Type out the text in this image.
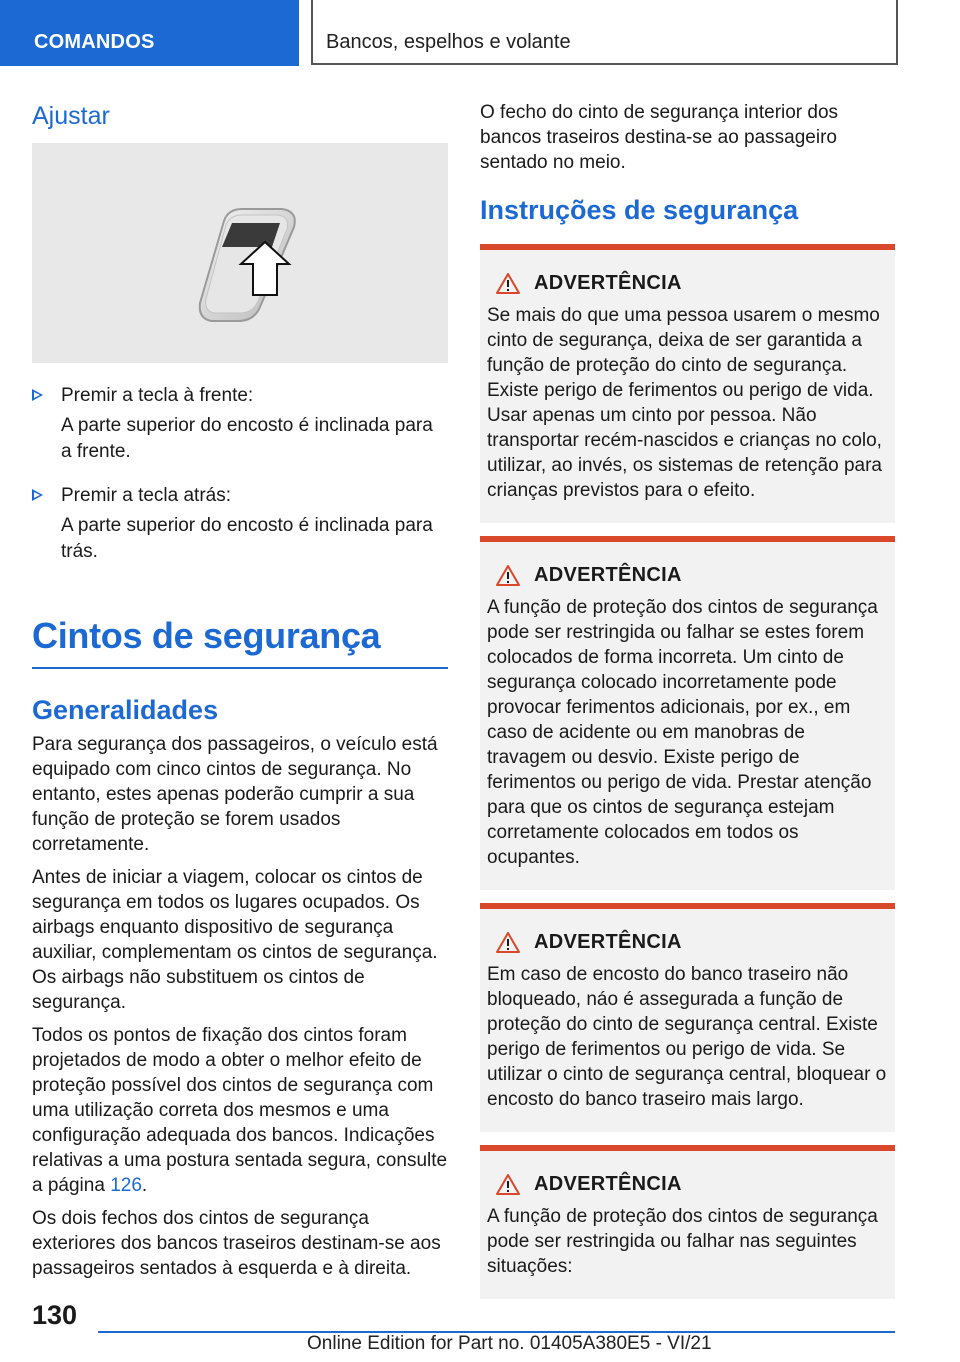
COMANDOS	Bancos, espelhos e volante
Ajustar

Premir a tecla à frente:

A parte superior do encosto é inclinada para a frente.

Premir a tecla atrás:

A parte superior do encosto é inclinada para trás.

Cintos de segurança
Generalidades

Para segurança dos passageiros, o veículo está equipado com cinco cintos de segurança. No entanto, estes apenas poderão cumprir a sua função de proteção se forem usados corretamente.

Antes de iniciar a viagem, colocar os cintos de segurança em todos os lugares ocupados. Os airbags enquanto dispositivo de segurança auxiliar, complementam os cintos de segurança. Os airbags não substituem os cintos de segurança.

Todos os pontos de fixação dos cintos foram projetados de modo a obter o melhor efeito de proteção possível dos cintos de segurança com uma utilização correta dos mesmos e uma configuração adequada dos bancos. Indicações relativas a uma postura sentada segura, consulte a página 126.

Os dois fechos dos cintos de segurança exteriores dos bancos traseiros destinam-se aos passageiros sentados à esquerda e à direita.

O fecho do cinto de segurança interior dos bancos traseiros destina-se ao passageiro sentado no meio.

Instruções de segurança
ADVERTÊNCIA

Se mais do que uma pessoa usarem o mesmo cinto de segurança, deixa de ser garantida a função de proteção do cinto de segurança. Existe perigo de ferimentos ou perigo de vida. Usar apenas um cinto por pessoa. Não transportar recém-nascidos e crianças no colo, utilizar, ao invés, os sistemas de retenção para crianças previstos para o efeito.

ADVERTÊNCIA

A função de proteção dos cintos de segurança pode ser restringida ou falhar se estes forem colocados de forma incorreta. Um cinto de segurança colocado incorretamente pode provocar ferimentos adicionais, por ex., em caso de acidente ou em manobras de travagem ou desvio. Existe perigo de ferimentos ou perigo de vida. Prestar atenção para que os cintos de segurança estejam corretamente colocados em todos os ocupantes.

ADVERTÊNCIA

Em caso de encosto do banco traseiro não bloqueado, náo é assegurada a função de proteção do cinto de segurança central. Existe perigo de ferimentos ou perigo de vida. Se utilizar o cinto de segurança central, bloquear o encosto do banco traseiro mais largo.

ADVERTÊNCIA

A função de proteção dos cintos de segurança pode ser restringida ou falhar nas seguintes situações:

130
Online Edition for Part no. 01405A380E5 - VI/21
